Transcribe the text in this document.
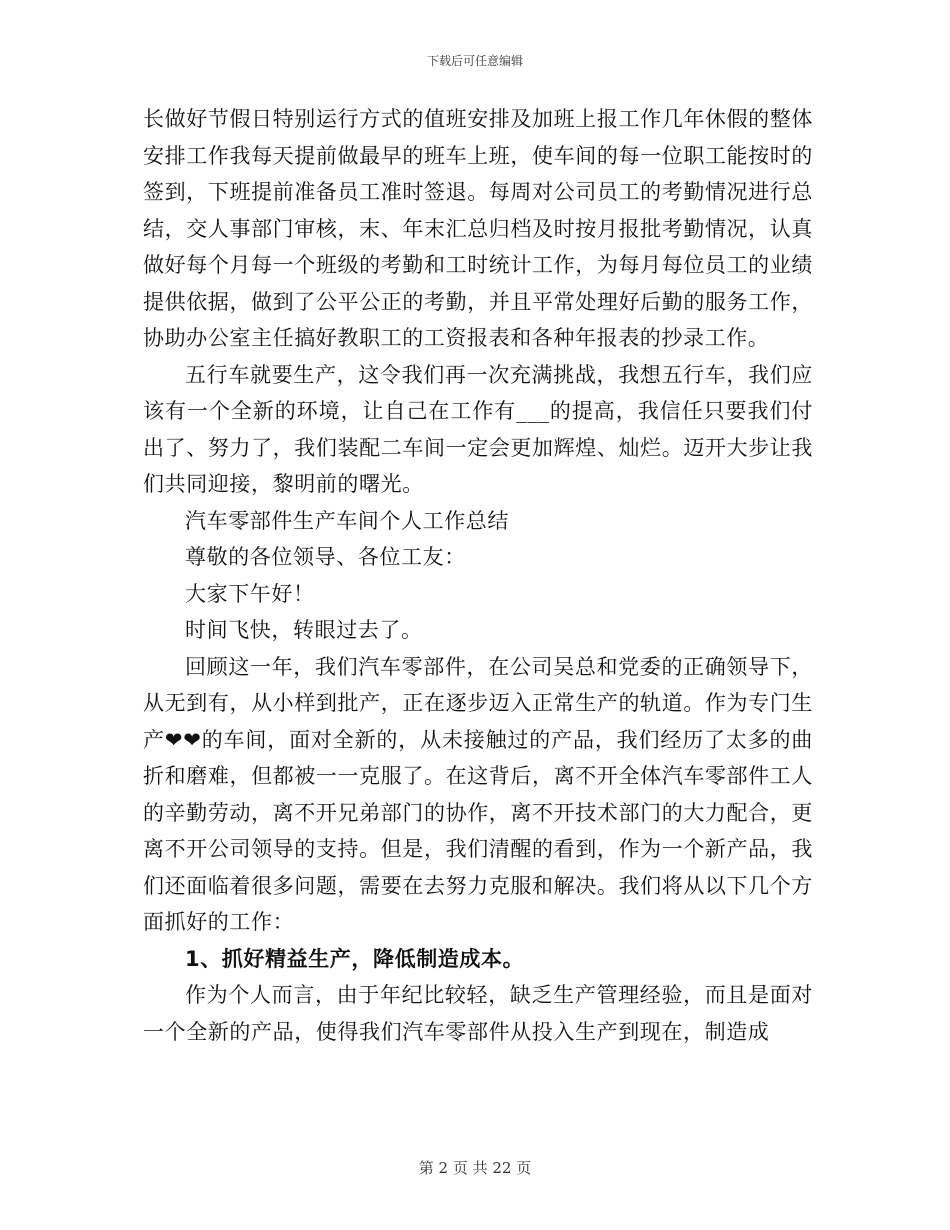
下载后可任意编辑

长做好节假日特别运行方式的值班安排及加班上报工作几年休假的整体安排工作我每天提前做最早的班车上班，使车间的每一位职工能按时的签到，下班提前准备员工准时签退。每周对公司员工的考勤情况进行总结，交人事部门审核，末、年末汇总归档及时按月报批考勤情况，认真做好每个月每一个班级的考勤和工时统计工作，为每月每位员工的业绩提供依据，做到了公平公正的考勤，并且平常处理好后勤的服务工作，协助办公室主任搞好教职工的工资报表和各种年报表的抄录工作。

五行车就要生产，这令我们再一次充满挑战，我想五行车，我们应该有一个全新的环境，让自己在工作有___的提高，我信任只要我们付出了、努力了，我们装配二车间一定会更加辉煌、灿烂。迈开大步让我们共同迎接，黎明前的曙光。

汽车零部件生产车间个人工作总结

尊敬的各位领导、各位工友：

大家下午好！

时间飞快，转眼过去了。

回顾这一年，我们汽车零部件，在公司吴总和党委的正确领导下，从无到有，从小样到批产，正在逐步迈入正常生产的轨道。作为专门生产❤❤的车间，面对全新的，从未接触过的产品，我们经历了太多的曲折和磨难，但都被一一克服了。在这背后，离不开全体汽车零部件工人的辛勤劳动，离不开兄弟部门的协作，离不开技术部门的大力配合，更离不开公司领导的支持。但是，我们清醒的看到，作为一个新产品，我们还面临着很多问题，需要在去努力克服和解决。我们将从以下几个方面抓好的工作：

1、抓好精益生产，降低制造成本。

作为个人而言，由于年纪比较轻，缺乏生产管理经验，而且是面对一个全新的产品，使得我们汽车零部件从投入生产到现在，制造成

第 2 页 共 22 页
